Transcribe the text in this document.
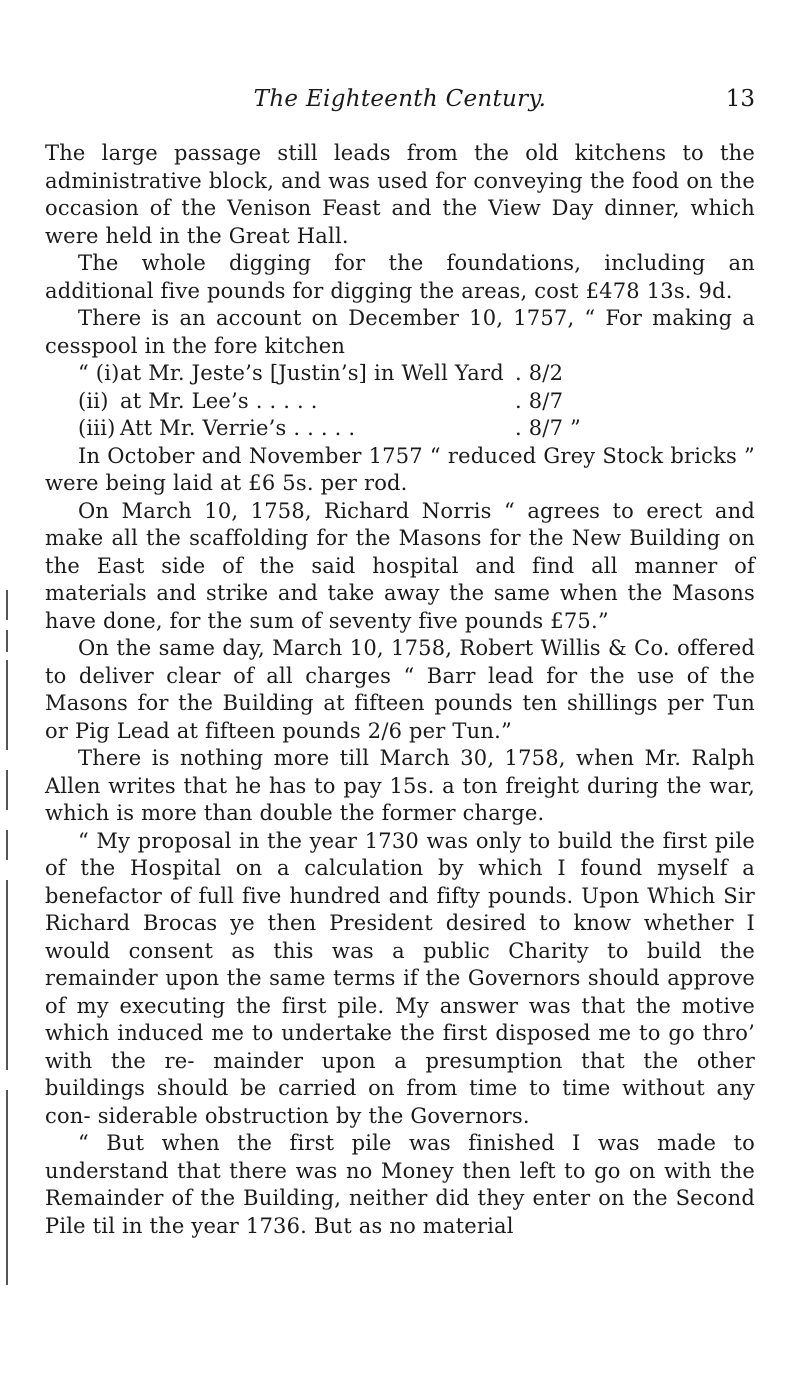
The Eighteenth Century.	13

The large passage still leads from the old kitchens to the administrative block, and was used for conveying the food on the occasion of the Venison Feast and the View Day dinner, which were held in the Great Hall.

The whole digging for the foundations, including an additional five pounds for digging the areas, cost £478 13s. 9d.

There is an account on December 10, 1757, “ For making a cesspool in the fore kitchen

“ (i) at Mr. Jeste’s [Justin’s] in Well Yard . 8/2
(ii) at Mr. Lee’s . . . . .	. 8/7
(iii) Att Mr. Verrie’s . . . . .	. 8/7 ”

In October and November 1757 “ reduced Grey Stock bricks ” were being laid at £6 5s. per rod.

On March 10, 1758, Richard Norris “ agrees to erect and make all the scaffolding for the Masons for the New Building on the East side of the said hospital and find all manner of materials and strike and take away the same when the Masons have done, for the sum of seventy five pounds £75.”

On the same day, March 10, 1758, Robert Willis & Co. offered to deliver clear of all charges “ Barr lead for the use of the Masons for the Building at fifteen pounds ten shillings per Tun or Pig Lead at fifteen pounds 2/6 per Tun.”

There is nothing more till March 30, 1758, when Mr. Ralph Allen writes that he has to pay 15s. a ton freight during the war, which is more than double the former charge.

“ My proposal in the year 1730 was only to build the first pile of the Hospital on a calculation by which I found myself a benefactor of full five hundred and fifty pounds. Upon Which Sir Richard Brocas ye then President desired to know whether I would consent as this was a public Charity to build the remainder upon the same terms if the Governors should approve of my executing the first pile. My answer was that the motive which induced me to undertake the first disposed me to go thro’ with the re- mainder upon a presumption that the other buildings should be carried on from time to time without any con- siderable obstruction by the Governors.

“ But when the first pile was finished I was made to understand that there was no Money then left to go on with the Remainder of the Building, neither did they enter on the Second Pile til in the year 1736. But as no material
